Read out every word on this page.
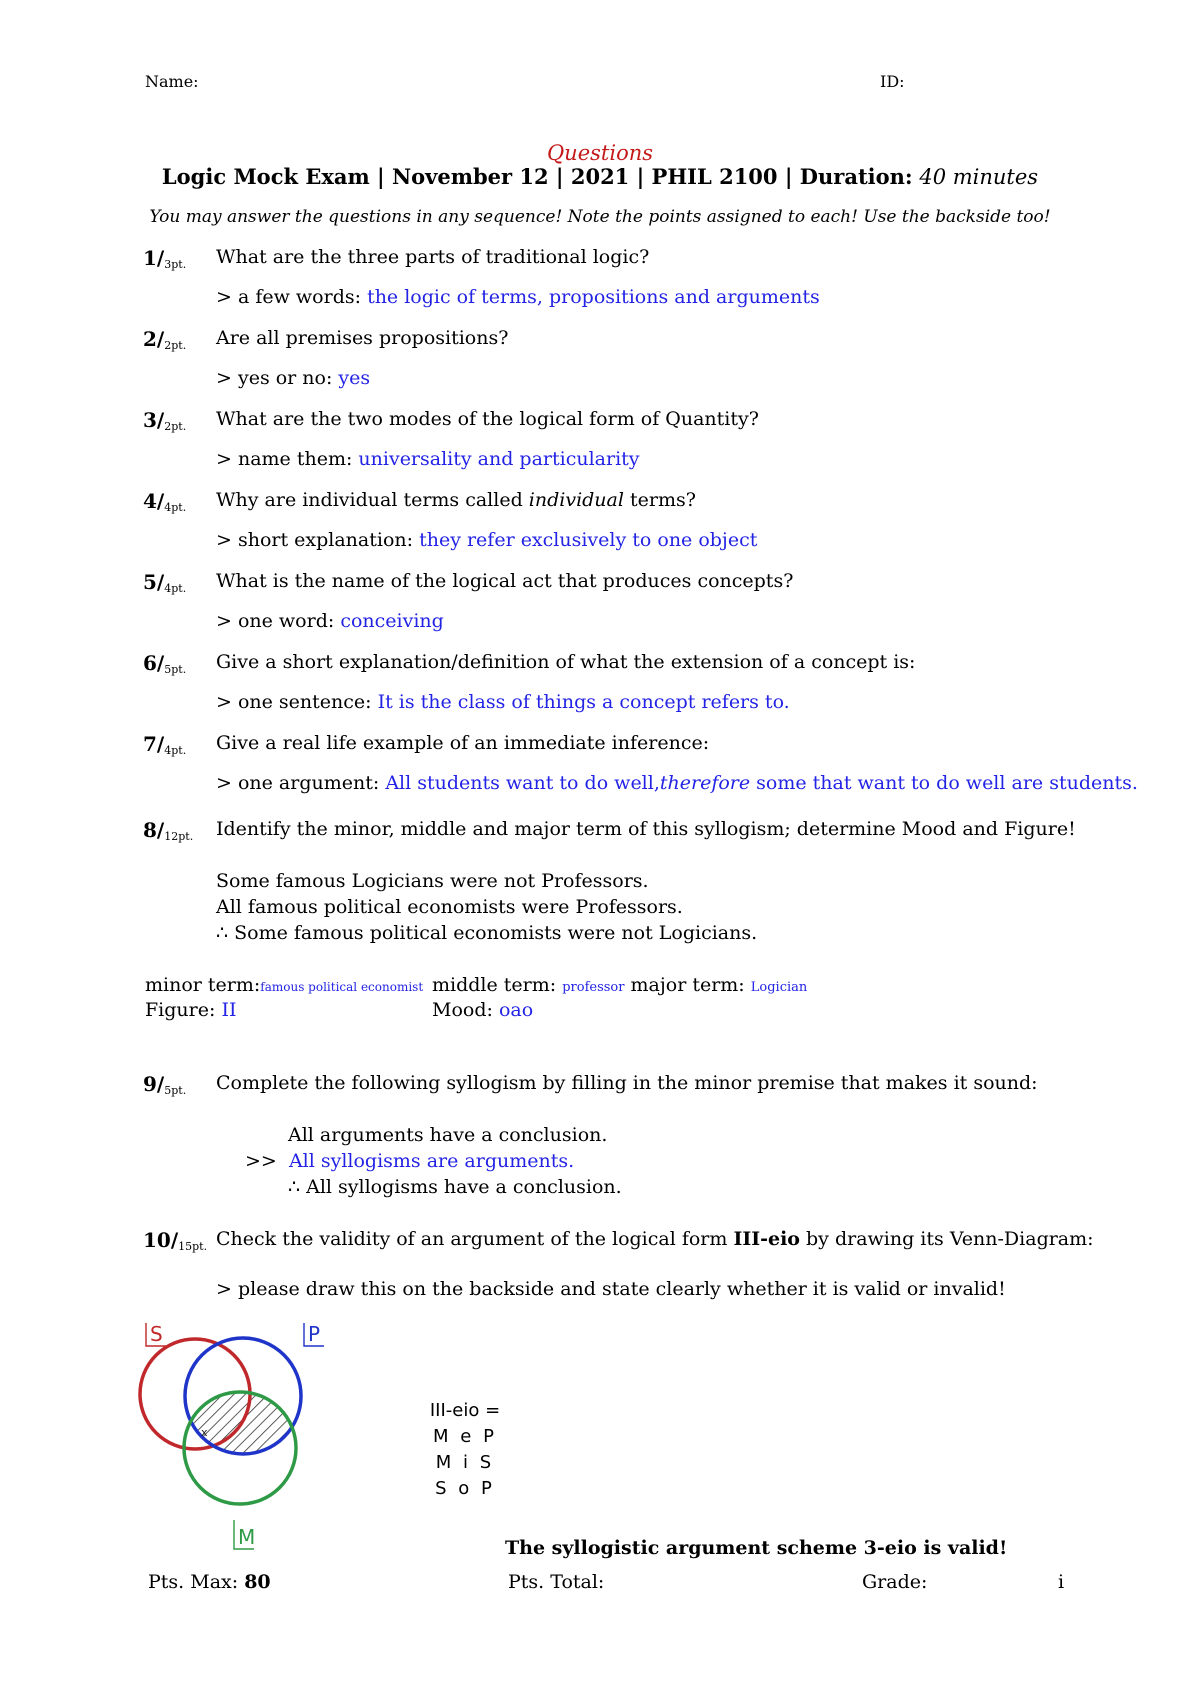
Name:	ID:
Questions
Logic Mock Exam | November 12 | 2021 | PHIL 2100 | Duration: 40 minutes
You may answer the questions in any sequence! Note the points assigned to each! Use the backside too!
$1/_{3pt.}$ What are the three parts of traditional logic?
> a few words: the logic of terms, propositions and arguments
$2/_{2pt.}$ Are all premises propositions?
> yes or no: yes
$3/_{2pt.}$ What are the two modes of the logical form of Quantity?
> name them: universality and particularity
$4/_{4pt.}$ Why are individual terms called individual terms?
> short explanation: they refer exclusively to one object
$5/_{4pt.}$ What is the name of the logical act that produces concepts?
> one word: conceiving
$6/_{5pt.}$ Give a short explanation/definition of what the extension of a concept is:
> one sentence: It is the class of things a concept refers to.
$7/_{4pt.}$ Give a real life example of an immediate inference:
> one argument: All students want to do well,therefore some that want to do well are students.
$8/_{12pt.}$ Identify the minor, middle and major term of this syllogism; determine Mood and Figure!
Some famous Logicians were not Professors.
All famous political economists were Professors.
∴ Some famous political economists were not Logicians.
minor term:famous political economist middle term: professor major term: Logician
Figure: II	Mood: oao
$9/_{5pt.}$ Complete the following syllogism by filling in the minor premise that makes it sound:
All arguments have a conclusion.
>> All syllogisms are arguments.
∴ All syllogisms have a conclusion.
$10/_{15pt.}$ Check the validity of an argument of the logical form III-eio by drawing its Venn-Diagram:
> please draw this on the backside and state clearly whether it is valid or invalid!
S	P
M
x
III-eio =
M e P
M i S
S o P
The syllogistic argument scheme 3-eio is valid!
Pts. Max: 80	Pts. Total:	Grade:	i
